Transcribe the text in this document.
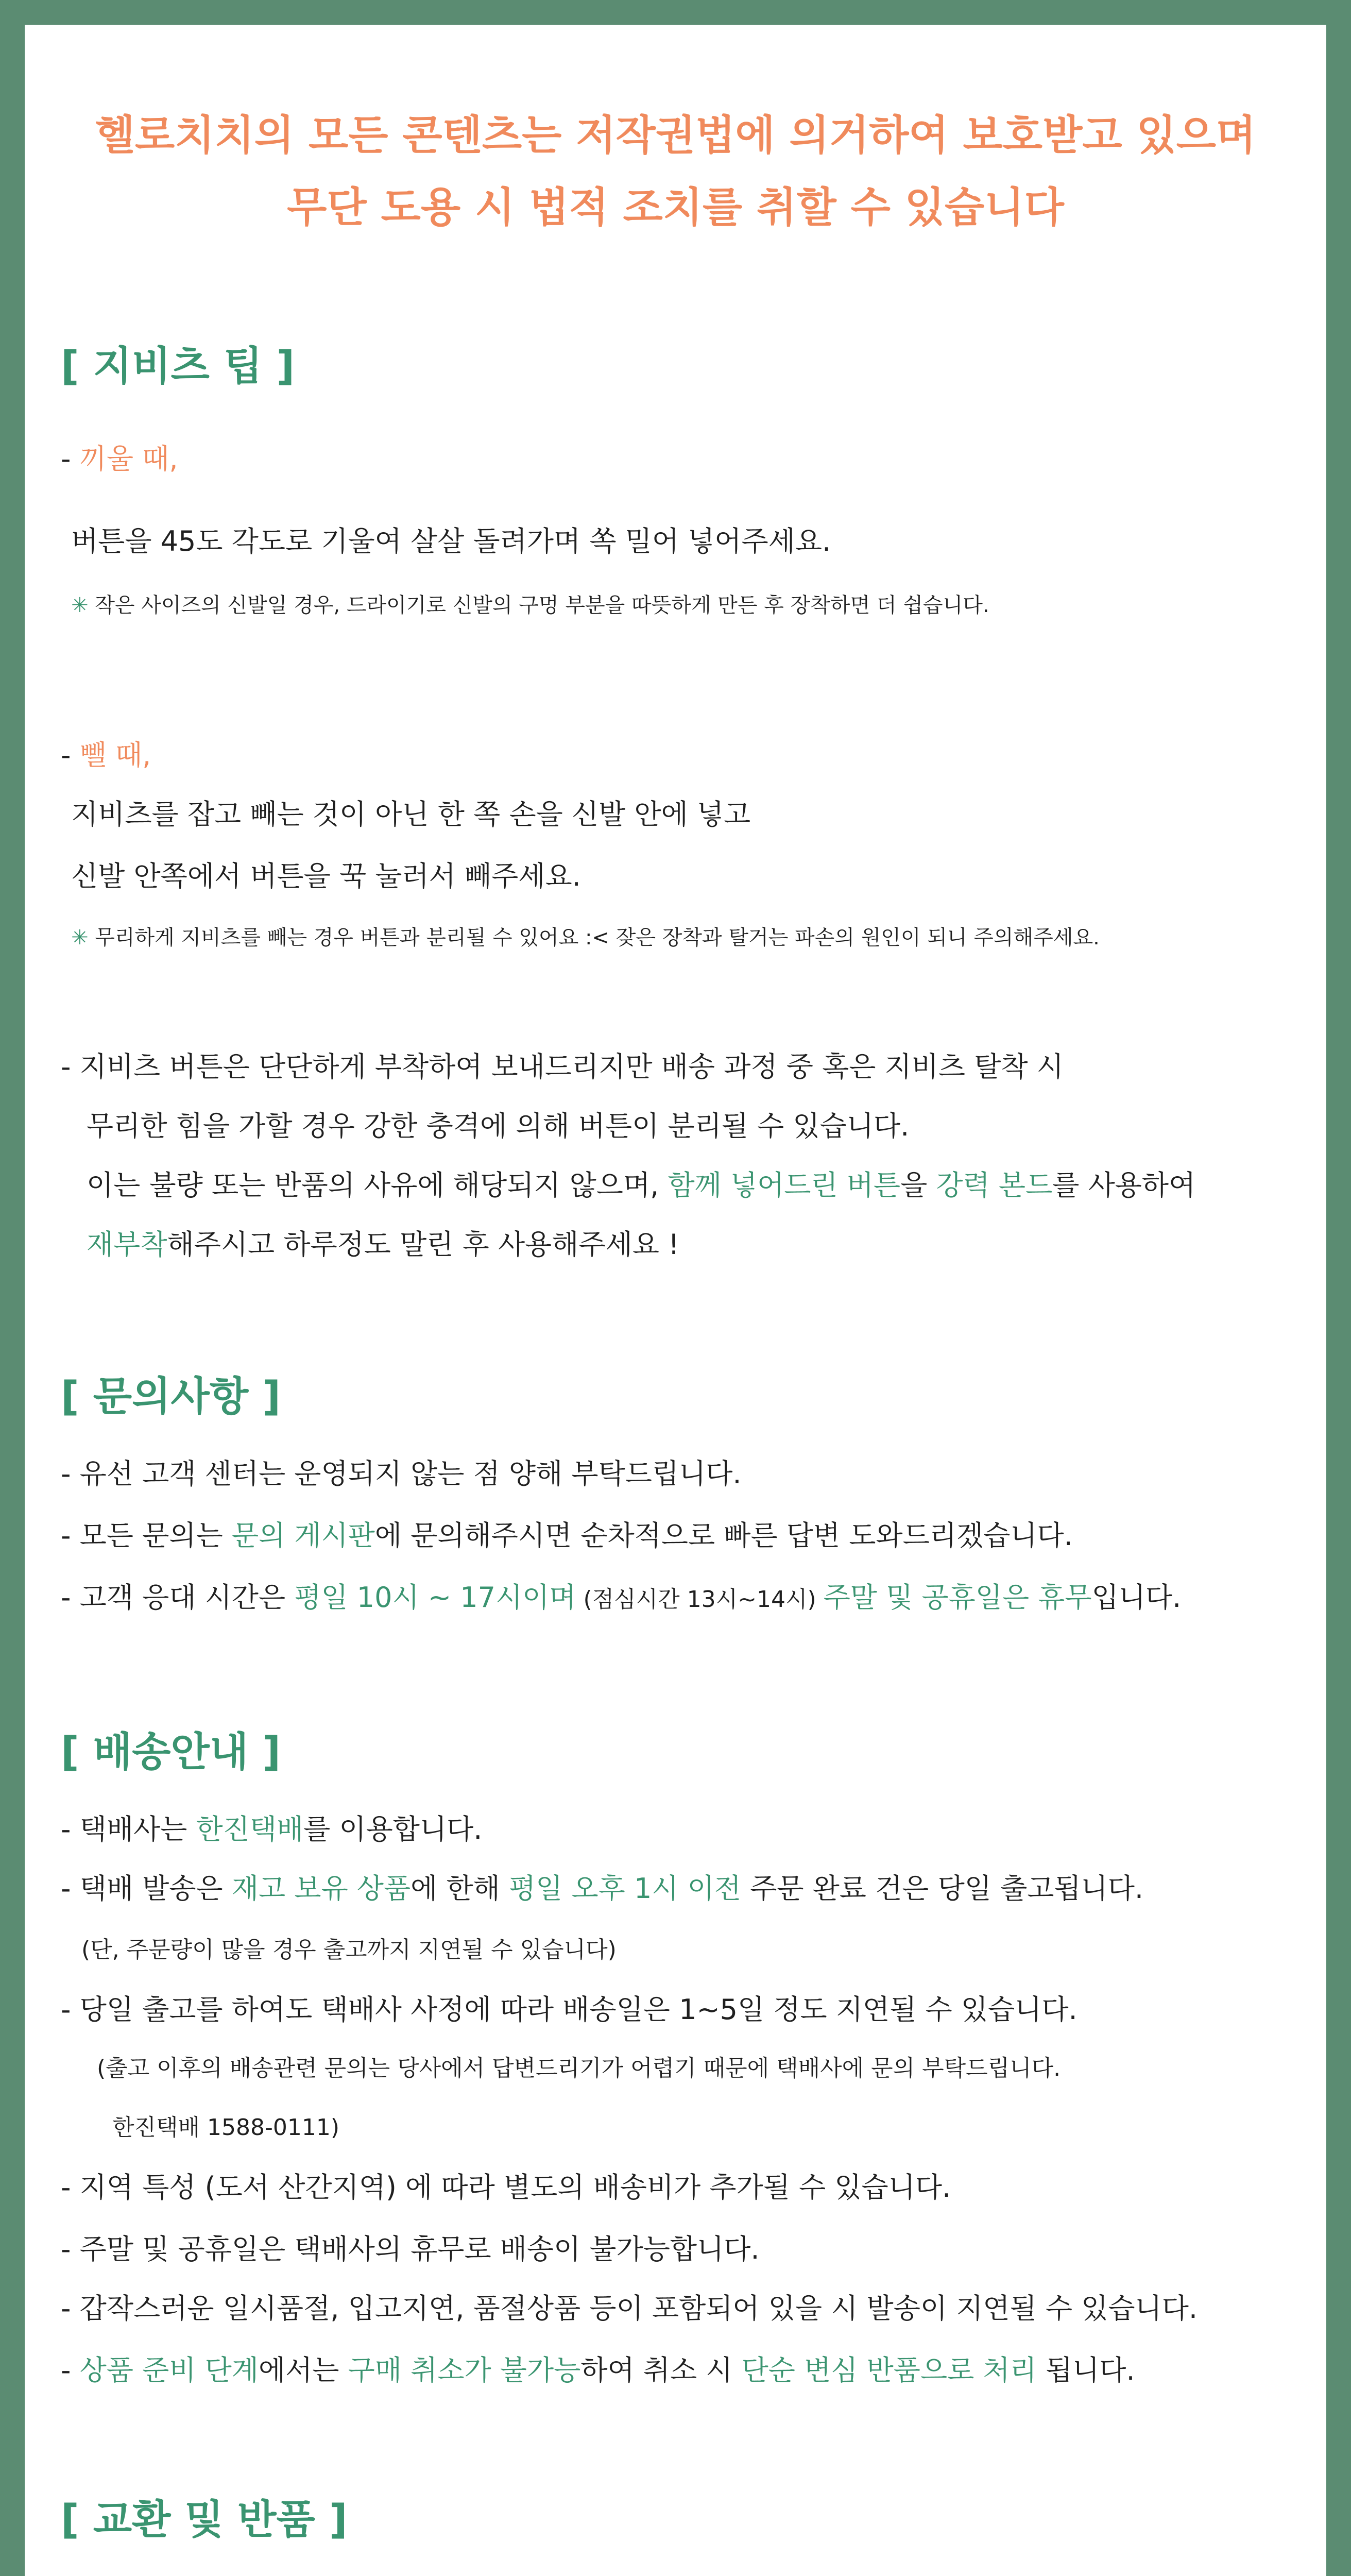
헬로치치의 모든 콘텐츠는 저작권법에 의거하여 보호받고 있으며
무단 도용 시 법적 조치를 취할 수 있습니다
[ 지비츠 팁 ]
- 끼울 때,
버튼을 45도 각도로 기울여 살살 돌려가며 쏙 밀어 넣어주세요.
✳ 작은 사이즈의 신발일 경우, 드라이기로 신발의 구멍 부분을 따뜻하게 만든 후 장착하면 더 쉽습니다.
- 뺄 때,
지비츠를 잡고 빼는 것이 아닌 한 쪽 손을 신발 안에 넣고
신발 안쪽에서 버튼을 꾹 눌러서 빼주세요.
✳ 무리하게 지비츠를 빼는 경우 버튼과 분리될 수 있어요 :< 잦은 장착과 탈거는 파손의 원인이 되니 주의해주세요.
- 지비츠 버튼은 단단하게 부착하여 보내드리지만 배송 과정 중 혹은 지비츠 탈착 시
무리한 힘을 가할 경우 강한 충격에 의해 버튼이 분리될 수 있습니다.
이는 불량 또는 반품의 사유에 해당되지 않으며, 함께 넣어드린 버튼을 강력 본드를 사용하여
재부착해주시고 하루정도 말린 후 사용해주세요 !
[ 문의사항 ]
- 유선 고객 센터는 운영되지 않는 점 양해 부탁드립니다.
- 모든 문의는 문의 게시판에 문의해주시면 순차적으로 빠른 답변 도와드리겠습니다.
- 고객 응대 시간은 평일 10시 ~ 17시이며 (점심시간 13시~14시) 주말 및 공휴일은 휴무입니다.
[ 배송안내 ]
- 택배사는 한진택배를 이용합니다.
- 택배 발송은 재고 보유 상품에 한해 평일 오후 1시 이전 주문 완료 건은 당일 출고됩니다.
(단, 주문량이 많을 경우 출고까지 지연될 수 있습니다)
- 당일 출고를 하여도 택배사 사정에 따라 배송일은 1~5일 정도 지연될 수 있습니다.
(출고 이후의 배송관련 문의는 당사에서 답변드리기가 어렵기 때문에 택배사에 문의 부탁드립니다.
한진택배 1588-0111)
- 지역 특성 (도서 산간지역) 에 따라 별도의 배송비가 추가될 수 있습니다.
- 주말 및 공휴일은 택배사의 휴무로 배송이 불가능합니다.
- 갑작스러운 일시품절, 입고지연, 품절상품 등이 포함되어 있을 시 발송이 지연될 수 있습니다.
- 상품 준비 단계에서는 구매 취소가 불가능하여 취소 시 단순 변심 반품으로 처리 됩니다.
[ 교환 및 반품 ]
